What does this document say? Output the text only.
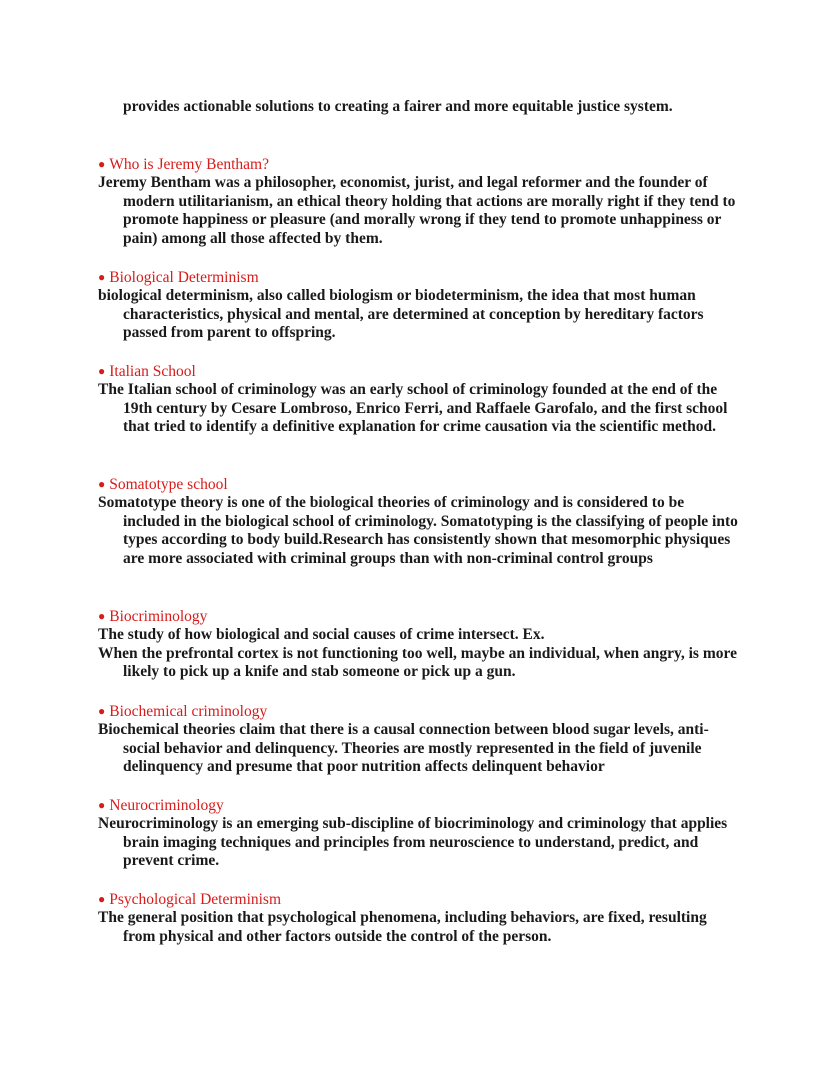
provides actionable solutions to creating a fairer and more equitable justice system.
● Who is Jeremy Bentham?

Jeremy Bentham was a philosopher, economist, jurist, and legal reformer and the founder of modern utilitarianism, an ethical theory holding that actions are morally right if they tend to promote happiness or pleasure (and morally wrong if they tend to promote unhappiness or pain) among all those affected by them.

● Biological Determinism

biological determinism, also called biologism or biodeterminism, the idea that most human characteristics, physical and mental, are determined at conception by hereditary factors passed from parent to offspring.

● Italian School

The Italian school of criminology was an early school of criminology founded at the end of the 19th century by Cesare Lombroso, Enrico Ferri, and Raffaele Garofalo, and the first school that tried to identify a definitive explanation for crime causation via the scientific method.

● Somatotype school

Somatotype theory is one of the biological theories of criminology and is considered to be included in the biological school of criminology. Somatotyping is the classifying of people into types according to body build.Research has consistently shown that mesomorphic physiques are more associated with criminal groups than with non-criminal control groups

● Biocriminology

The study of how biological and social causes of crime intersect. Ex.

When the prefrontal cortex is not functioning too well, maybe an individual, when angry, is more likely to pick up a knife and stab someone or pick up a gun.

● Biochemical criminology

Biochemical theories claim that there is a causal connection between blood sugar levels, anti-social behavior and delinquency. Theories are mostly represented in the field of juvenile delinquency and presume that poor nutrition affects delinquent behavior

● Neurocriminology

Neurocriminology is an emerging sub-discipline of biocriminology and criminology that applies brain imaging techniques and principles from neuroscience to understand, predict, and prevent crime.

● Psychological Determinism

The general position that psychological phenomena, including behaviors, are fixed, resulting from physical and other factors outside the control of the person.
